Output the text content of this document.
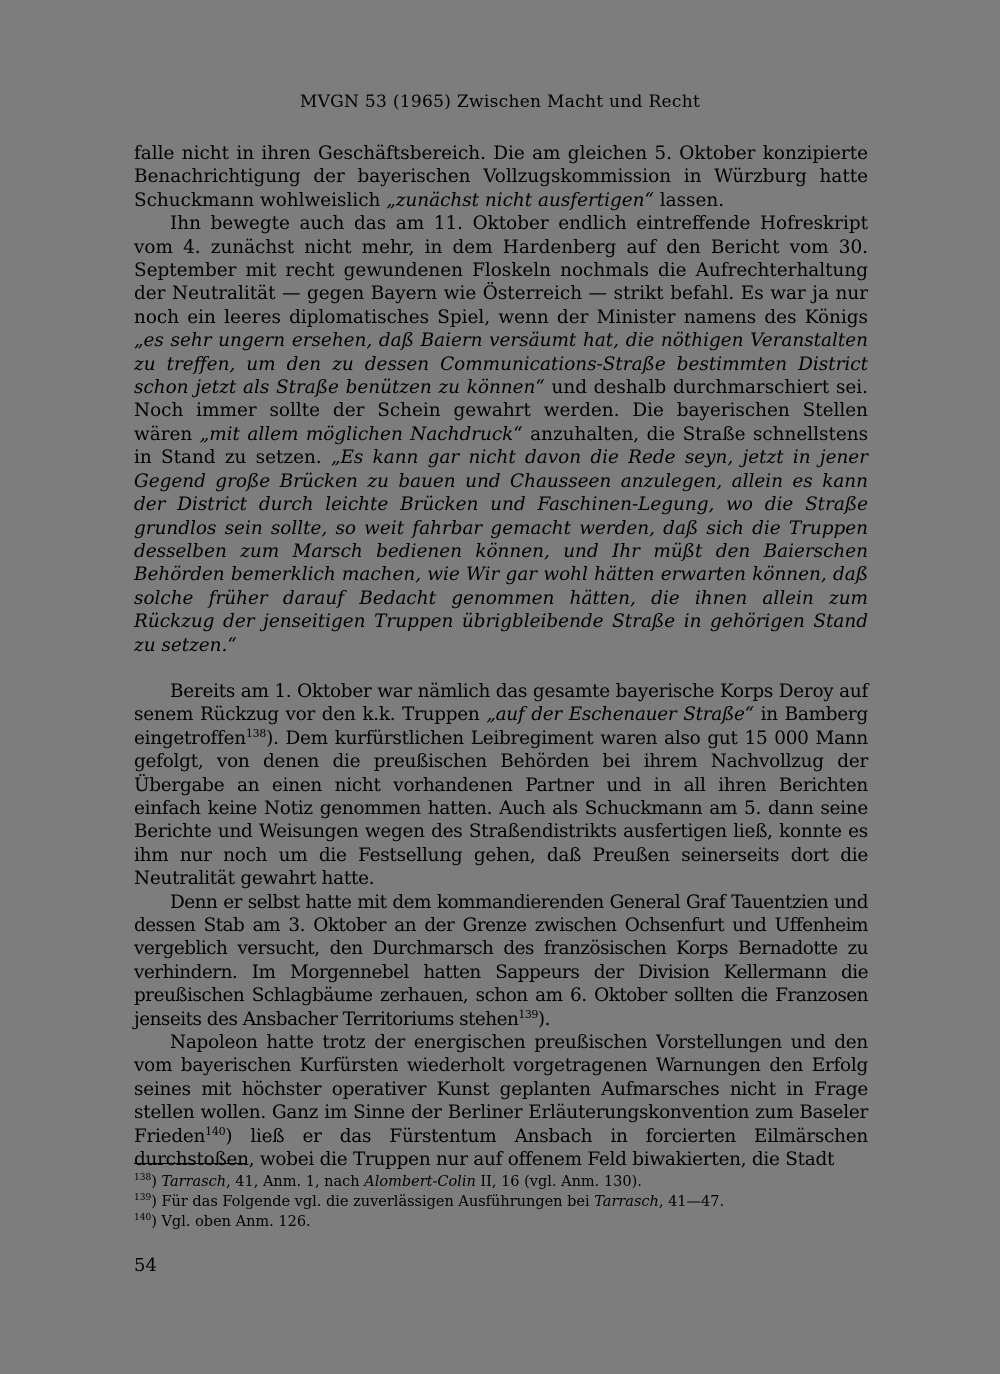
MVGN 53 (1965) Zwischen Macht und Recht

falle nicht in ihren Geschäftsbereich. Die am gleichen 5. Oktober konzipierte Benachrichtigung der bayerischen Vollzugskommission in Würzburg hatte Schuckmann wohlweislich „zunächst nicht ausfertigen“ lassen.

Ihn bewegte auch das am 11. Oktober endlich eintreffende Hofreskript vom 4. zunächst nicht mehr, in dem Hardenberg auf den Bericht vom 30. September mit recht gewundenen Floskeln nochmals die Aufrechterhaltung der Neutralität — gegen Bayern wie Österreich — strikt befahl. Es war ja nur noch ein leeres diplomatisches Spiel, wenn der Minister namens des Königs „es sehr ungern ersehen, daß Baiern versäumt hat, die nöthigen Veranstalten zu treffen, um den zu dessen Communications-Straße bestimmten District schon jetzt als Straße benützen zu können“ und deshalb durchmarschiert sei. Noch immer sollte der Schein gewahrt werden. Die bayerischen Stellen wären „mit allem möglichen Nachdruck“ anzuhalten, die Straße schnellstens in Stand zu setzen. „Es kann gar nicht davon die Rede seyn, jetzt in jener Gegend große Brücken zu bauen und Chausseen anzulegen, allein es kann der District durch leichte Brücken und Faschinen-Legung, wo die Straße grundlos sein sollte, so weit fahrbar gemacht werden, daß sich die Truppen desselben zum Marsch bedienen können, und Ihr müßt den Baierschen Behörden bemerklich machen, wie Wir gar wohl hätten erwarten können, daß solche früher darauf Bedacht genommen hätten, die ihnen allein zum Rückzug der jenseitigen Truppen übrigbleibende Straße in gehörigen Stand zu setzen.“

Bereits am 1. Oktober war nämlich das gesamte bayerische Korps Deroy auf senem Rückzug vor den k.k. Truppen „auf der Eschenauer Straße“ in Bamberg eingetroffen$^{138}$). Dem kurfürstlichen Leibregiment waren also gut 15 000 Mann gefolgt, von denen die preußischen Behörden bei ihrem Nachvollzug der Übergabe an einen nicht vorhandenen Partner und in all ihren Berichten einfach keine Notiz genommen hatten. Auch als Schuckmann am 5. dann seine Berichte und Weisungen wegen des Straßendistrikts ausfertigen ließ, konnte es ihm nur noch um die Festsellung gehen, daß Preußen seinerseits dort die Neutralität gewahrt hatte.

Denn er selbst hatte mit dem kommandierenden General Graf Tauentzien und dessen Stab am 3. Oktober an der Grenze zwischen Ochsenfurt und Uffenheim vergeblich versucht, den Durchmarsch des französischen Korps Bernadotte zu verhindern. Im Morgennebel hatten Sappeurs der Division Kellermann die preußischen Schlagbäume zerhauen, schon am 6. Oktober sollten die Franzosen jenseits des Ansbacher Territoriums stehen$^{139}$).

Napoleon hatte trotz der energischen preußischen Vorstellungen und den vom bayerischen Kurfürsten wiederholt vorgetragenen Warnungen den Erfolg seines mit höchster operativer Kunst geplanten Aufmarsches nicht in Frage stellen wollen. Ganz im Sinne der Berliner Erläuterungskonvention zum Baseler Frieden$^{140}$) ließ er das Fürstentum Ansbach in forcierten Eilmärschen durchstoßen, wobei die Truppen nur auf offenem Feld biwakierten, die Stadt

$^{138}$) Tarrasch, 41, Anm. 1, nach Alombert-Colin II, 16 (vgl. Anm. 130).
$^{139}$) Für das Folgende vgl. die zuverlässigen Ausführungen bei Tarrasch, 41—47.
$^{140}$) Vgl. oben Anm. 126.
54
